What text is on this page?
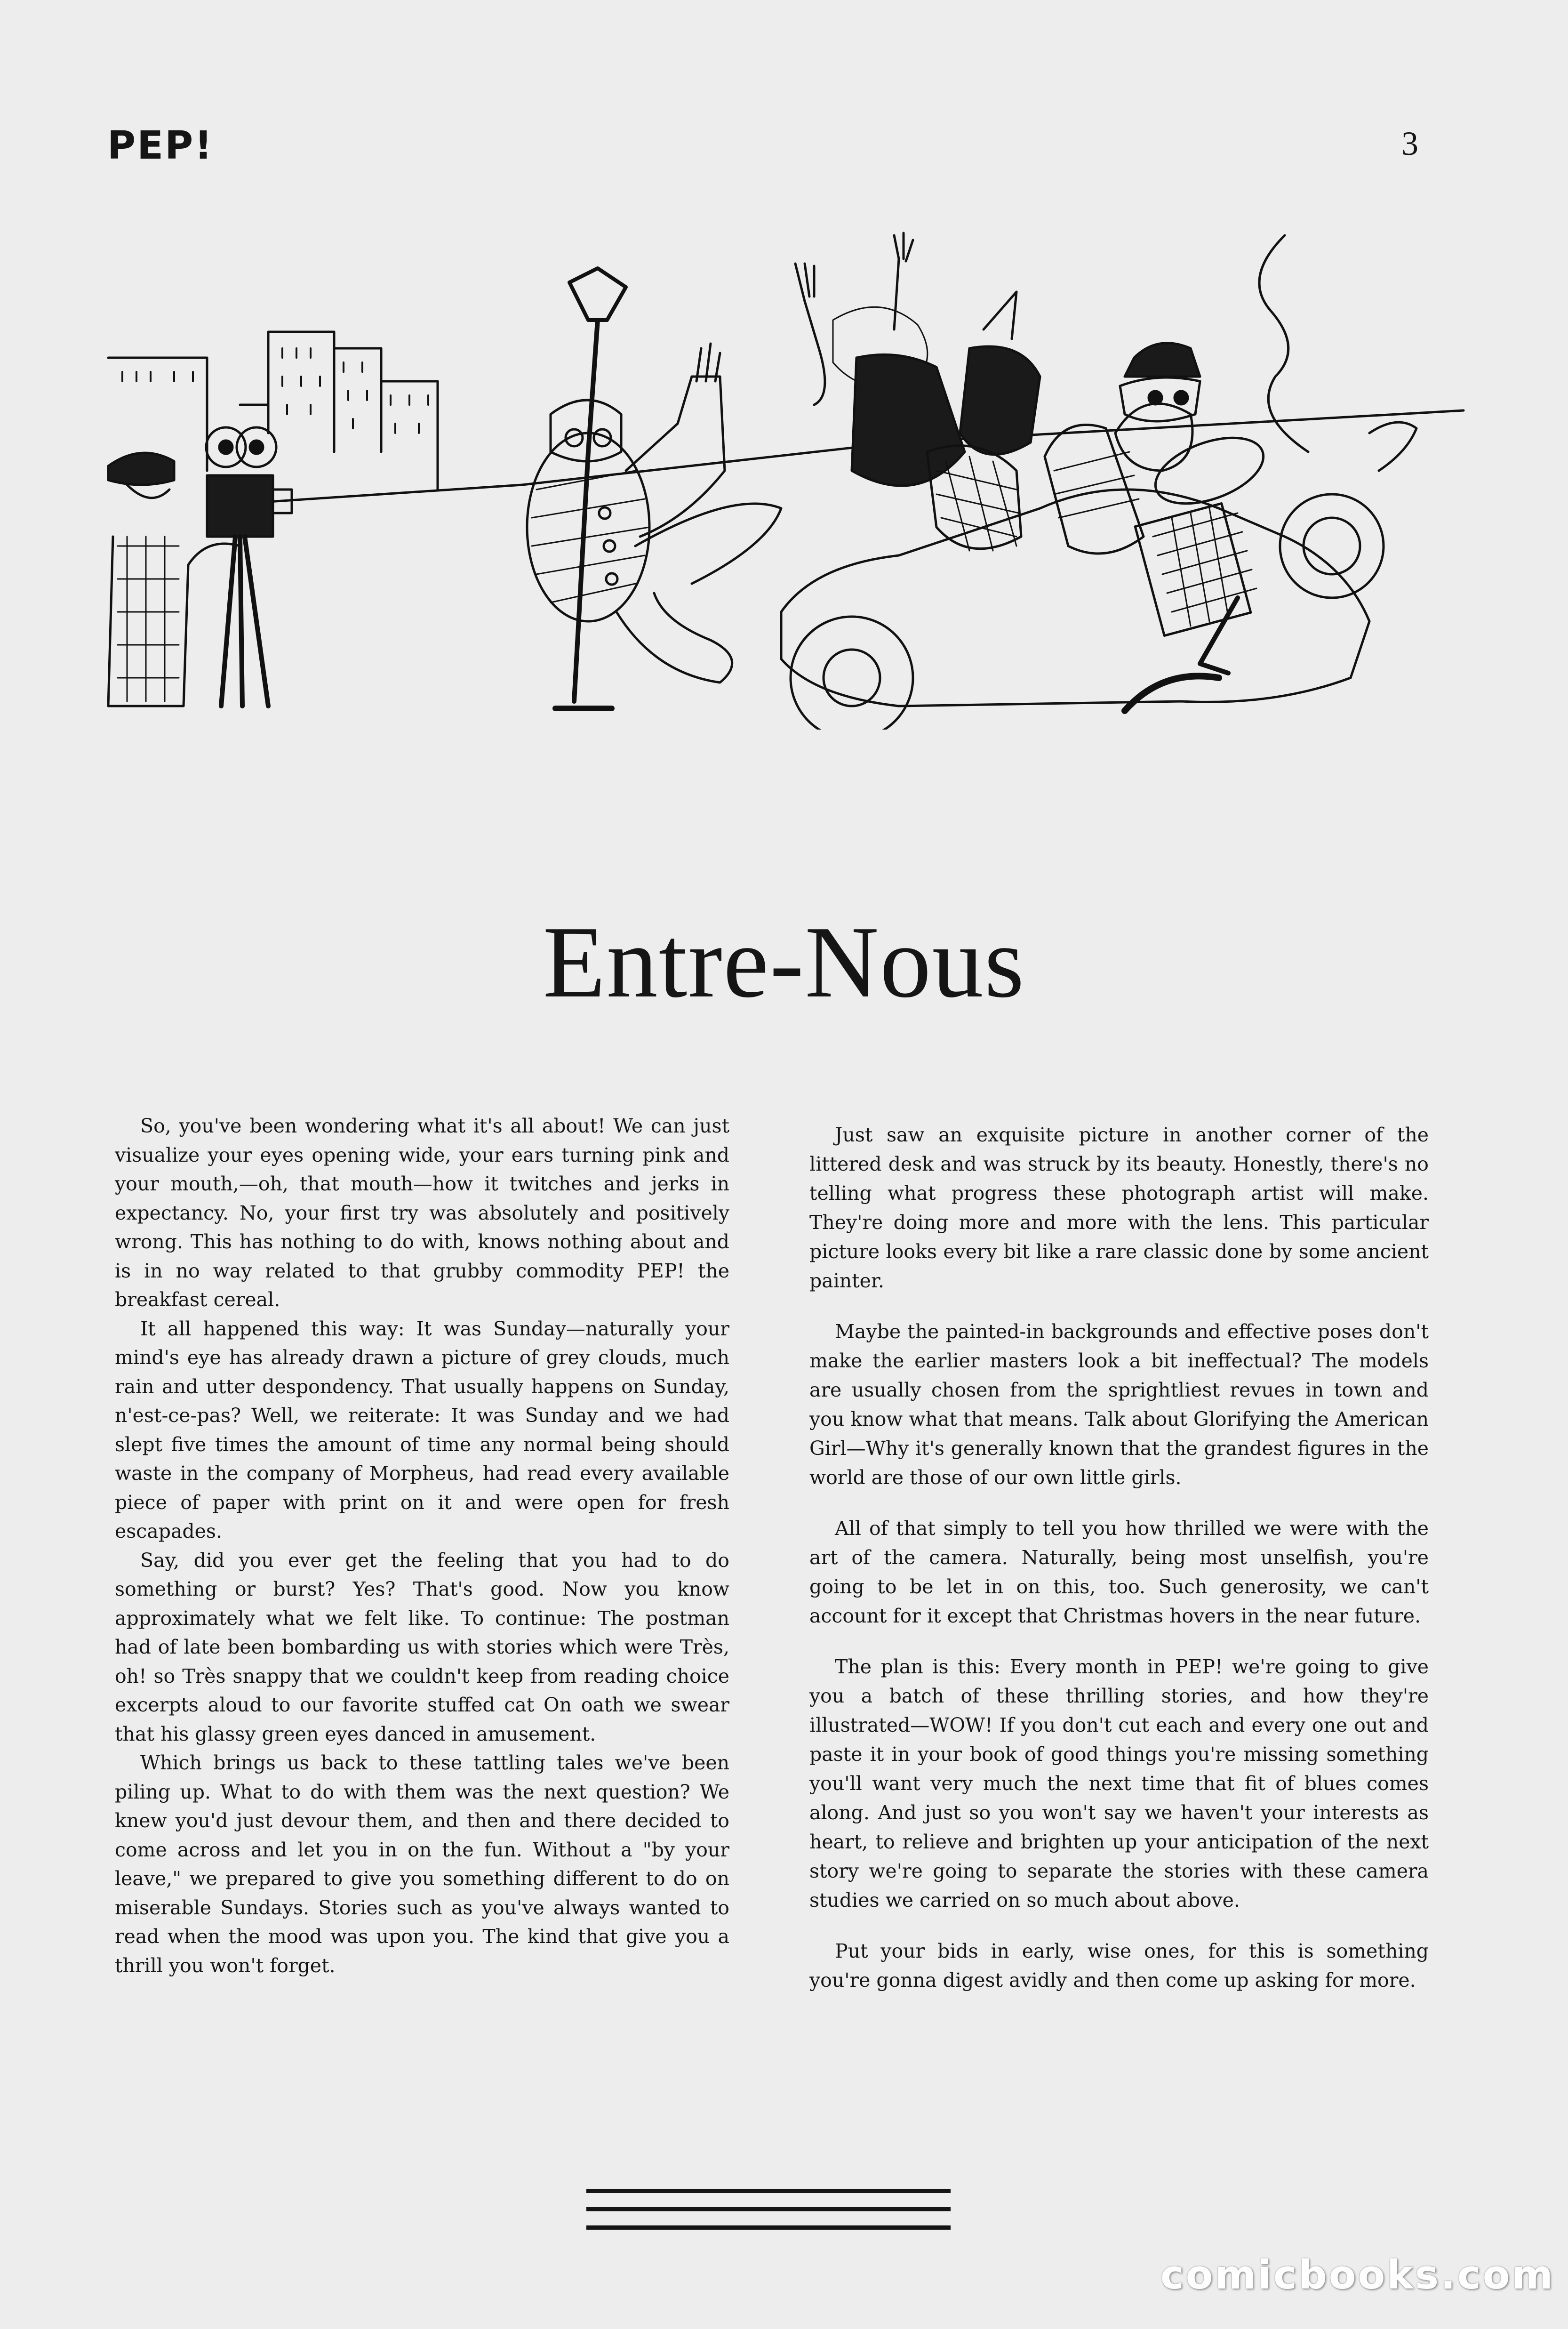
PEP!	3
Entre-Nous

So, you've been wondering what it's all about! We can just visualize your eyes opening wide, your ears turning pink and your mouth,—oh, that mouth—how it twitches and jerks in expectancy. No, your first try was absolutely and positively wrong. This has nothing to do with, knows nothing about and is in no way related to that grubby commodity PEP! the breakfast cereal.

It all happened this way: It was Sunday—naturally your mind's eye has already drawn a picture of grey clouds, much rain and utter despondency. That usually happens on Sunday, n'est-ce-pas? Well, we reiterate: It was Sunday and we had slept five times the amount of time any normal being should waste in the company of Morpheus, had read every available piece of paper with print on it and were open for fresh escapades.

Say, did you ever get the feeling that you had to do something or burst? Yes? That's good. Now you know approximately what we felt like. To continue: The postman had of late been bombarding us with stories which were Très, oh! so Très snappy that we couldn't keep from reading choice excerpts aloud to our favorite stuffed cat On oath we swear that his glassy green eyes danced in amusement.

Which brings us back to these tattling tales we've been piling up. What to do with them was the next question? We knew you'd just devour them, and then and there decided to come across and let you in on the fun. Without a "by your leave," we prepared to give you something different to do on miserable Sundays. Stories such as you've always wanted to read when the mood was upon you. The kind that give you a thrill you won't forget.

Just saw an exquisite picture in another corner of the littered desk and was struck by its beauty. Honestly, there's no telling what progress these photograph artist will make. They're doing more and more with the lens. This particular picture looks every bit like a rare classic done by some ancient painter.

Maybe the painted-in backgrounds and effective poses don't make the earlier masters look a bit ineffectual? The models are usually chosen from the sprightliest revues in town and you know what that means. Talk about Glorifying the American Girl—Why it's generally known that the grandest figures in the world are those of our own little girls.

All of that simply to tell you how thrilled we were with the art of the camera. Naturally, being most unselfish, you're going to be let in on this, too. Such generosity, we can't account for it except that Christmas hovers in the near future.

The plan is this: Every month in PEP! we're going to give you a batch of these thrilling stories, and how they're illustrated—WOW! If you don't cut each and every one out and paste it in your book of good things you're missing something you'll want very much the next time that fit of blues comes along. And just so you won't say we haven't your interests as heart, to relieve and brighten up your anticipation of the next story we're going to separate the stories with these camera studies we carried on so much about above.

Put your bids in early, wise ones, for this is something you're gonna digest avidly and then come up asking for more.

comicbooks.com
